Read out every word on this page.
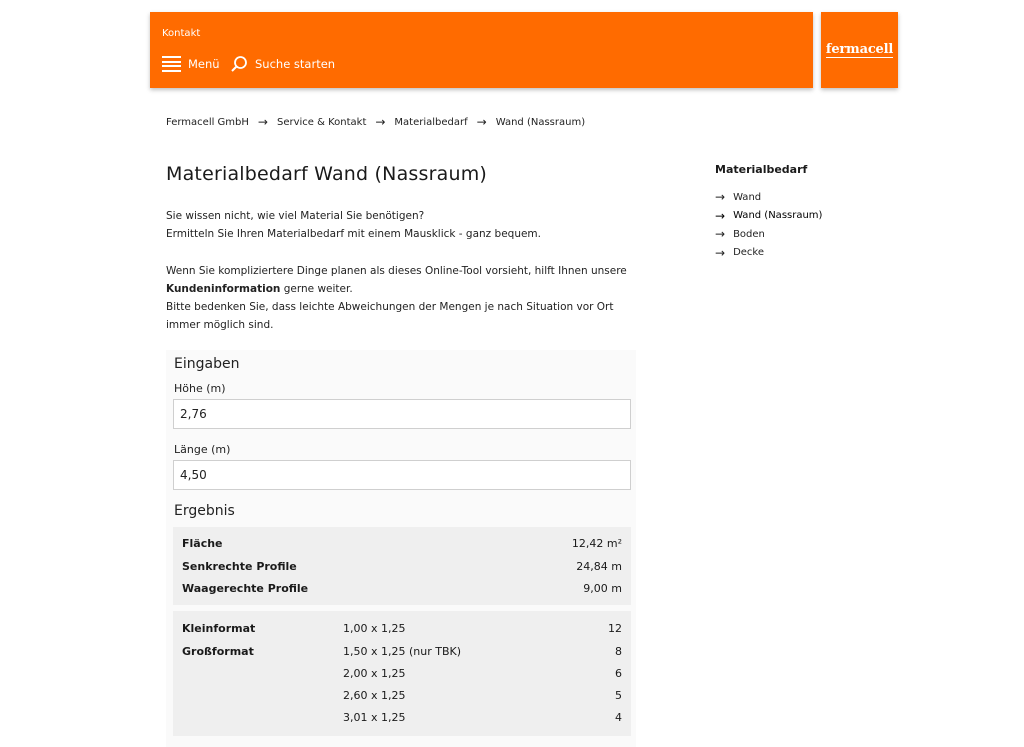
Kontakt
Menü	Suche starten
fermacell
Fermacell GmbH → Service & Kontakt → Materialbedarf → Wand (Nassraum)
Materialbedarf Wand (Nassraum)

Sie wissen nicht, wie viel Material Sie benötigen?
Ermitteln Sie Ihren Materialbedarf mit einem Mausklick - ganz bequem.

Wenn Sie kompliziertere Dinge planen als dieses Online-Tool vorsieht, hilft Ihnen unsere Kundeninformation gerne weiter.
Bitte bedenken Sie, dass leichte Abweichungen der Mengen je nach Situation vor Ort immer möglich sind.

Eingaben
Höhe (m)
2,76
Länge (m)
4,50
Ergebnis
Fläche	12,42 m²
Senkrechte Profile	24,84 m
Waagerechte Profile	9,00 m
Kleinformat	1,00 x 1,25	12
Großformat	1,50 x 1,25 (nur TBK)	8
2,00 x 1,25	6
2,60 x 1,25	5
3,01 x 1,25	4
Materialbedarf
→ Wand
→ Wand (Nassraum)
→ Boden
→ Decke
